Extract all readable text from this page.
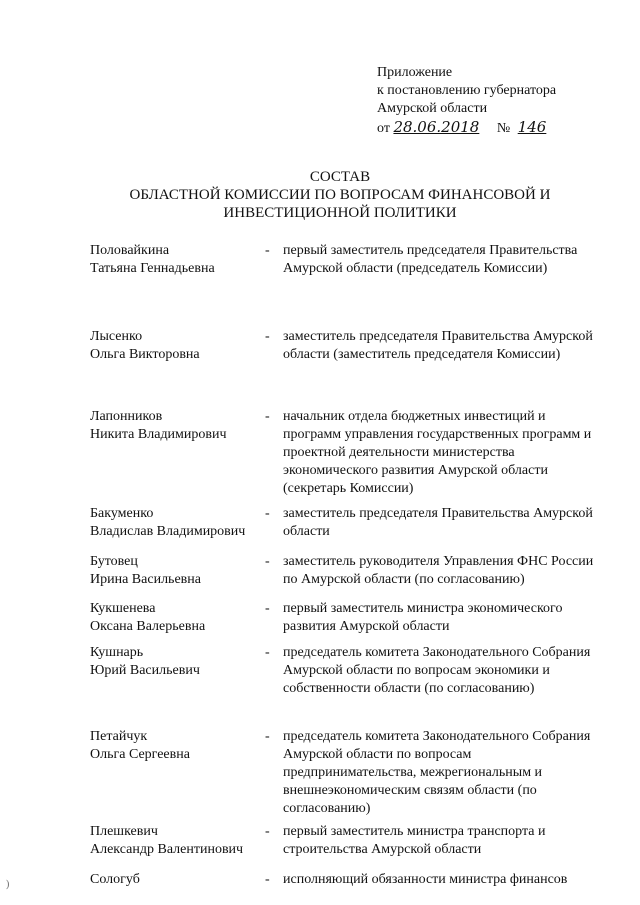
Приложение
к постановлению губернатора
Амурской области
от 28.06.2018 № 146
СОСТАВ
ОБЛАСТНОЙ КОМИССИИ ПО ВОПРОСАМ ФИНАНСОВОЙ И
ИНВЕСТИЦИОННОЙ ПОЛИТИКИ
Половайкина
Татьяна Геннадьевна
- первый заместитель председателя Правительства Амурской области (председатель Комиссии)
Лысенко
Ольга Викторовна
- заместитель председателя Правительства Амурской области (заместитель председателя Комиссии)
Лапонников
Никита Владимирович
- начальник отдела бюджетных инвестиций и программ управления государственных программ и проектной деятельности министерства экономического развития Амурской области (секретарь Комиссии)
Бакуменко
Владислав Владимирович
- заместитель председателя Правительства Амурской области
Бутовец
Ирина Васильевна
- заместитель руководителя Управления ФНС России по Амурской области (по согласованию)
Кукшенева
Оксана Валерьевна
- первый заместитель министра экономического развития Амурской области
Кушнарь
Юрий Васильевич
- председатель комитета Законодательного Собрания Амурской области по вопросам экономики и собственности области (по согласованию)
Петайчук
Ольга Сергеевна
- председатель комитета Законодательного Собрания Амурской области по вопросам предпринимательства, межрегиональным и внешнеэкономическим связям области (по согласованию)
Плешкевич
Александр Валентинович
- первый заместитель министра транспорта и строительства Амурской области
Сологуб	- исполняющий обязанности министра финансов
)
